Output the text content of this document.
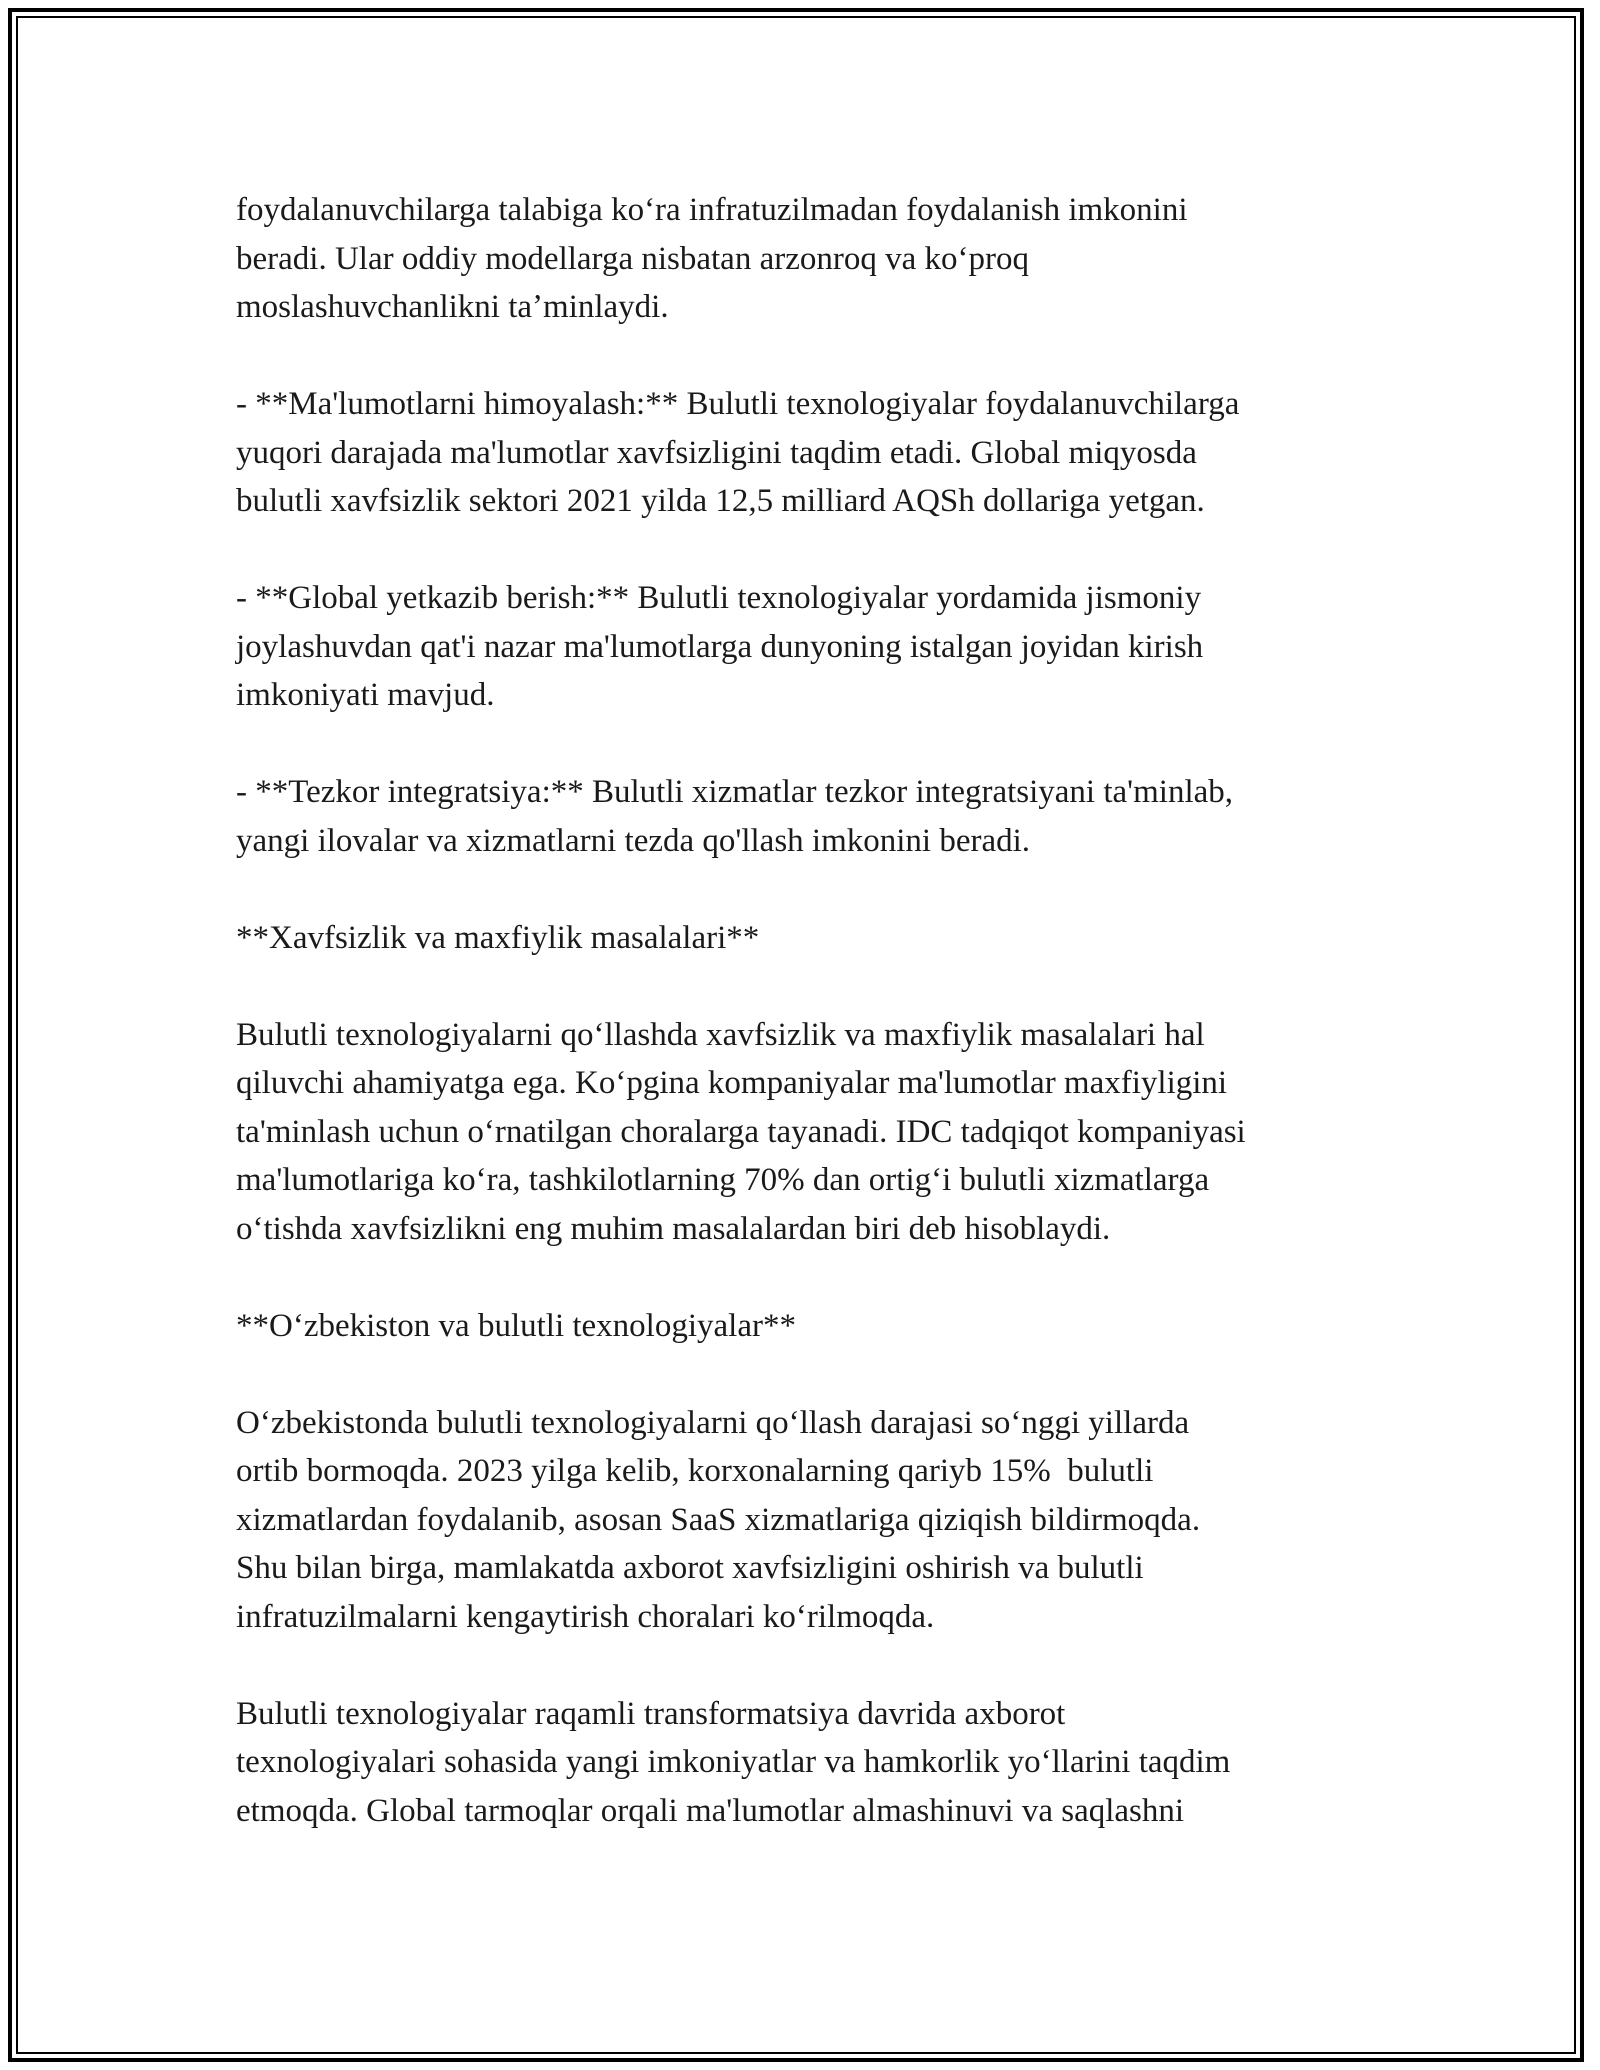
foydalanuvchilarga talabiga koʻra infratuzilmadan foydalanish imkonini
beradi. Ular oddiy modellarga nisbatan arzonroq va koʻproq
moslashuvchanlikni taʼminlaydi.

- **Ma'lumotlarni himoyalash:** Bulutli texnologiyalar foydalanuvchilarga
yuqori darajada ma'lumotlar xavfsizligini taqdim etadi. Global miqyosda
bulutli xavfsizlik sektori 2021 yilda 12,5 milliard AQSh dollariga yetgan.

- **Global yetkazib berish:** Bulutli texnologiyalar yordamida jismoniy
joylashuvdan qat'i nazar ma'lumotlarga dunyoning istalgan joyidan kirish
imkoniyati mavjud.

- **Tezkor integratsiya:** Bulutli xizmatlar tezkor integratsiyani ta'minlab,
yangi ilovalar va xizmatlarni tezda qo'llash imkonini beradi.

**Xavfsizlik va maxfiylik masalalari**

Bulutli texnologiyalarni qoʻllashda xavfsizlik va maxfiylik masalalari hal
qiluvchi ahamiyatga ega. Koʻpgina kompaniyalar ma'lumotlar maxfiyligini
ta'minlash uchun oʻrnatilgan choralarga tayanadi. IDC tadqiqot kompaniyasi
ma'lumotlariga koʻra, tashkilotlarning 70% dan ortigʻi bulutli xizmatlarga
oʻtishda xavfsizlikni eng muhim masalalardan biri deb hisoblaydi.

**Oʻzbekiston va bulutli texnologiyalar**

Oʻzbekistonda bulutli texnologiyalarni qoʻllash darajasi soʻnggi yillarda
ortib bormoqda. 2023 yilga kelib, korxonalarning qariyb 15%  bulutli
xizmatlardan foydalanib, asosan SaaS xizmatlariga qiziqish bildirmoqda.
Shu bilan birga, mamlakatda axborot xavfsizligini oshirish va bulutli
infratuzilmalarni kengaytirish choralari koʻrilmoqda.

Bulutli texnologiyalar raqamli transformatsiya davrida axborot
texnologiyalari sohasida yangi imkoniyatlar va hamkorlik yoʻllarini taqdim
etmoqda. Global tarmoqlar orqali ma'lumotlar almashinuvi va saqlashni
